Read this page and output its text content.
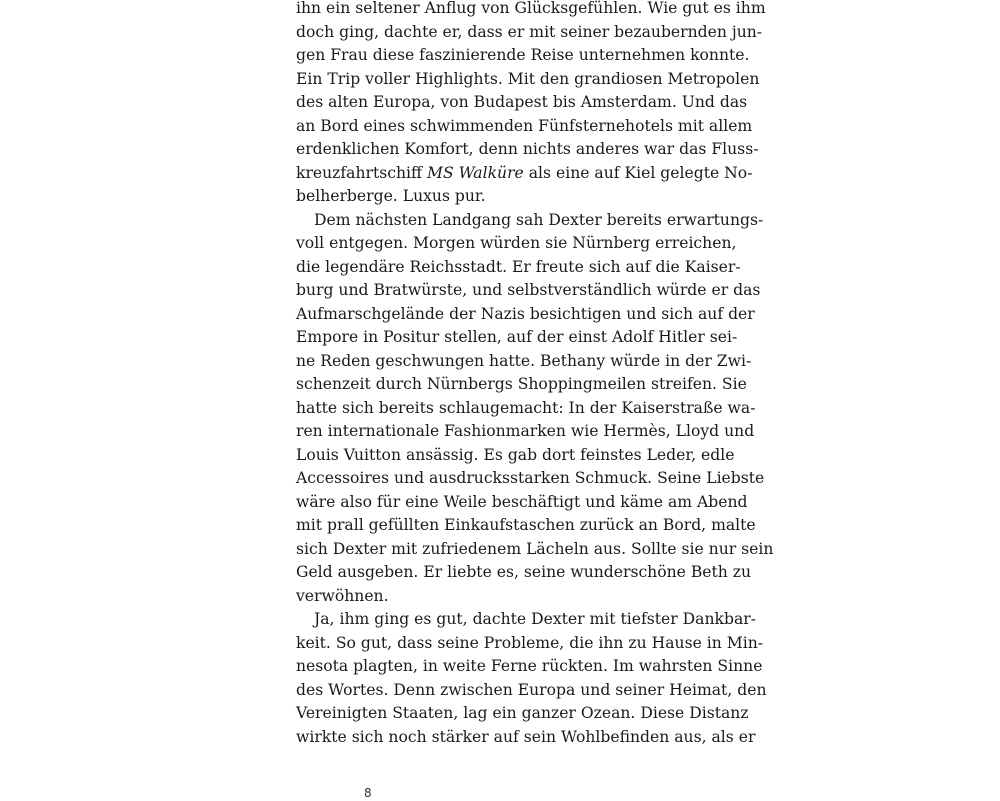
ihn ein seltener Anflug von Glücksgefühlen. Wie gut es ihm
doch ging, dachte er, dass er mit seiner bezaubernden jun-
gen Frau diese faszinierende Reise unternehmen konnte.
Ein Trip voller Highlights. Mit den grandiosen Metropolen
des alten Europa, von Budapest bis Amsterdam. Und das
an Bord eines schwimmenden Fünfsternehotels mit allem
erdenklichen Komfort, denn nichts anderes war das Fluss-
kreuzfahrtschiff MS Walküre als eine auf Kiel gelegte No-
belherberge. Luxus pur.
Dem nächsten Landgang sah Dexter bereits erwartungs-
voll entgegen. Morgen würden sie Nürnberg erreichen,
die legendäre Reichsstadt. Er freute sich auf die Kaiser-
burg und Bratwürste, und selbstverständlich würde er das
Aufmarschgelände der Nazis besichtigen und sich auf der
Empore in Positur stellen, auf der einst Adolf Hitler sei-
ne Reden geschwungen hatte. Bethany würde in der Zwi-
schenzeit durch Nürnbergs Shoppingmeilen streifen. Sie
hatte sich bereits schlaugemacht: In der Kaiserstraße wa-
ren internationale Fashionmarken wie Hermès, Lloyd und
Louis Vuitton ansässig. Es gab dort feinstes Leder, edle
Accessoires und ausdrucksstarken Schmuck. Seine Liebste
wäre also für eine Weile beschäftigt und käme am Abend
mit prall gefüllten Einkaufstaschen zurück an Bord, malte
sich Dexter mit zufriedenem Lächeln aus. Sollte sie nur sein
Geld ausgeben. Er liebte es, seine wunderschöne Beth zu
verwöhnen.
Ja, ihm ging es gut, dachte Dexter mit tiefster Dankbar-
keit. So gut, dass seine Probleme, die ihn zu Hause in Min-
nesota plagten, in weite Ferne rückten. Im wahrsten Sinne
des Wortes. Denn zwischen Europa und seiner Heimat, den
Vereinigten Staaten, lag ein ganzer Ozean. Diese Distanz
wirkte sich noch stärker auf sein Wohlbefinden aus, als er
8
